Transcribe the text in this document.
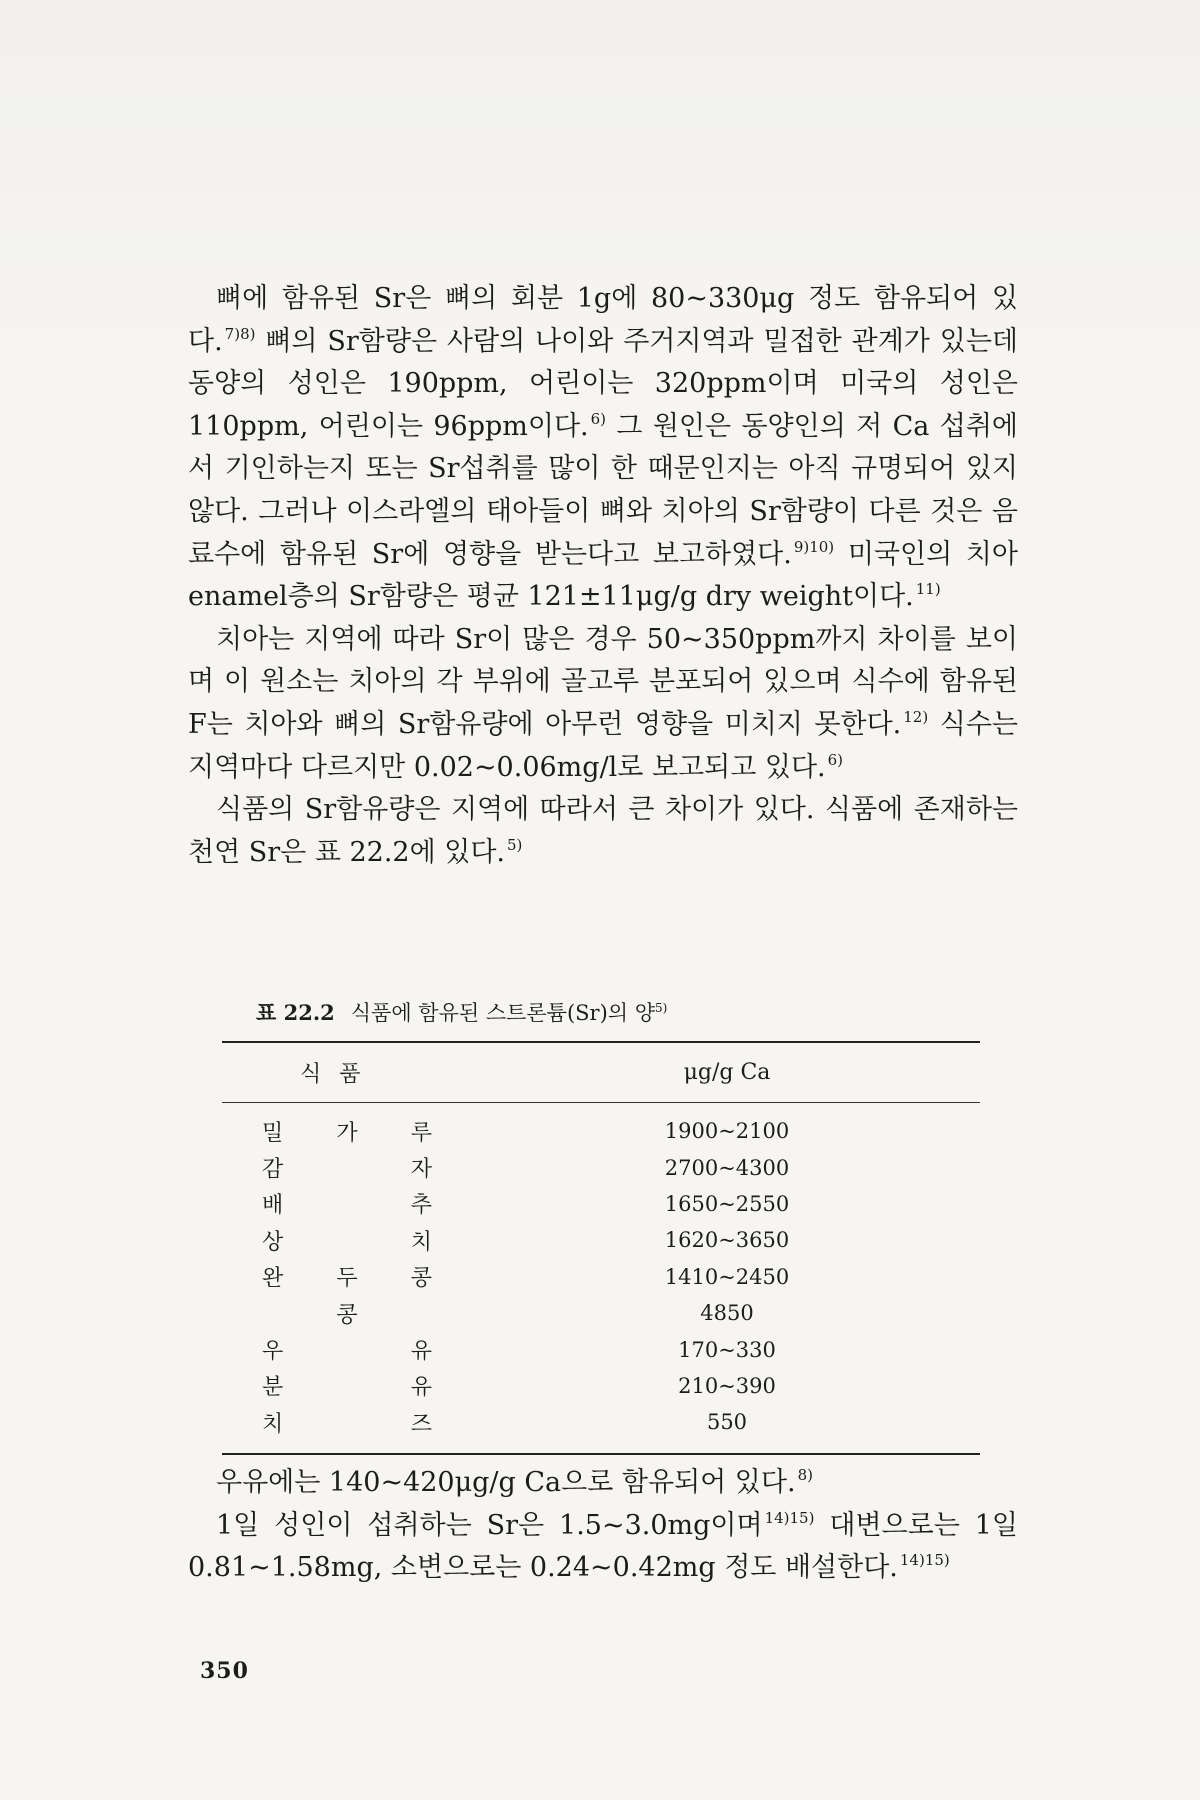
뼈에 함유된 Sr은 뼈의 회분 1g에 80~330μg 정도 함유되어 있다. $^{7)8)}$ 뼈의 Sr함량은 사람의 나이와 주거지역과 밀접한 관계가 있는데 동양의 성인은 190ppm, 어린이는 320ppm이며 미국의 성인은 110ppm, 어린이는 96ppm이다. $^{6)}$ 그 원인은 동양인의 저 Ca 섭취에서 기인하는지 또는 Sr섭취를 많이 한 때문인지는 아직 규명되어 있지 않다. 그러나 이스라엘의 태아들이 뼈와 치아의 Sr함량이 다른 것은 음료수에 함유된 Sr에 영향을 받는다고 보고하였다. $^{9)10)}$ 미국인의 치아 enamel층의 Sr함량은 평균 121±11μg/g dry weight이다. $^{11)}$

치아는 지역에 따라 Sr이 많은 경우 50~350ppm까지 차이를 보이며 이 원소는 치아의 각 부위에 골고루 분포되어 있으며 식수에 함유된 F는 치아와 뼈의 Sr함유량에 아무런 영향을 미치지 못한다. $^{12)}$ 식수는 지역마다 다르지만 0.02~0.06mg/l로 보고되고 있다. $^{6)}$

식품의 Sr함유량은 지역에 따라서 큰 차이가 있다. 식품에 존재하는 천연 Sr은 표 22.2에 있다. $^{5)}$

표 22.2 식품에 함유된 스트론튬(Sr)의 양$^{5)}$
식품	μg/g Ca

밀 가 루	1900~2100

감 자	2700~4300

배 추	1650~2550

상 치	1620~3650

완 두 콩	1410~2450

콩	4850

우 유	170~330

분 유	210~390

치 즈	550

우유에는 140~420μg/g Ca으로 함유되어 있다. $^{8)}$

1일 성인이 섭취하는 Sr은 1.5~3.0mg이며 $^{14)15)}$ 대변으로는 1일 0.81~1.58mg, 소변으로는 0.24~0.42mg 정도 배설한다. $^{14)15)}$

350
